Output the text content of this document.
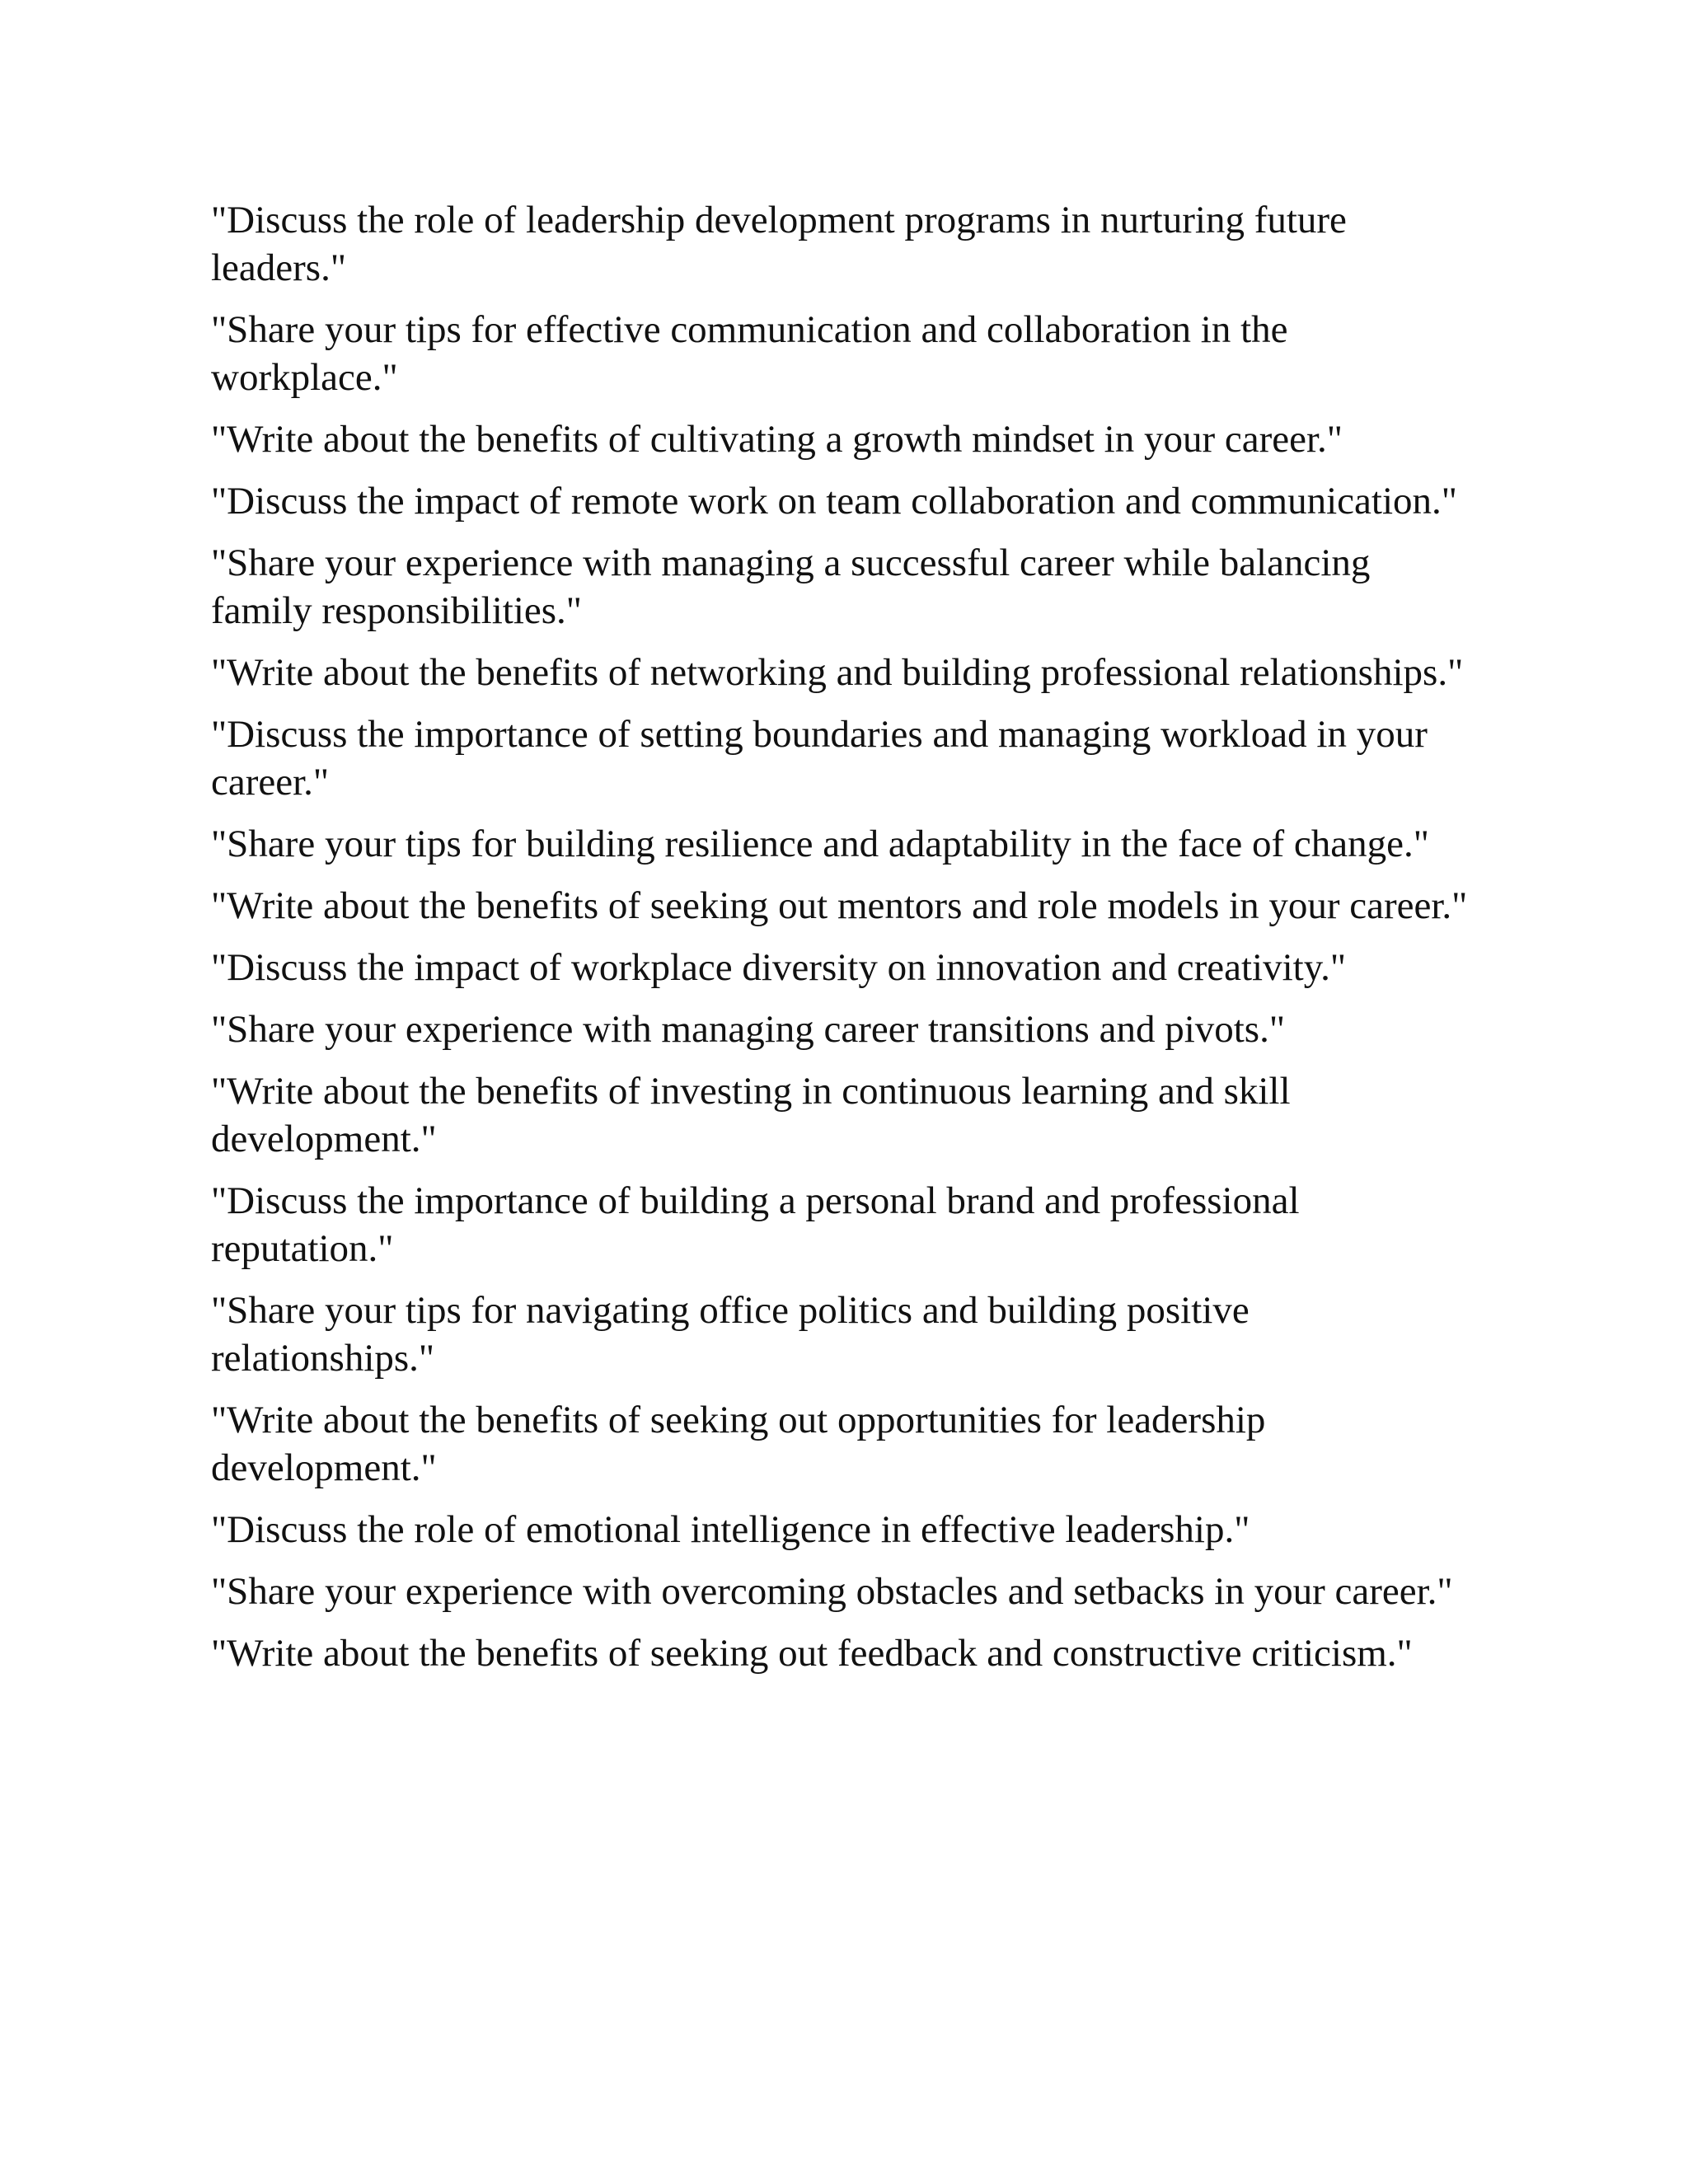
"Discuss the role of leadership development programs in nurturing future leaders."
"Share your tips for effective communication and collaboration in the workplace."
"Write about the benefits of cultivating a growth mindset in your career."
"Discuss the impact of remote work on team collaboration and communication."
"Share your experience with managing a successful career while balancing family responsibilities."
"Write about the benefits of networking and building professional relationships."
"Discuss the importance of setting boundaries and managing workload in your career."
"Share your tips for building resilience and adaptability in the face of change."
"Write about the benefits of seeking out mentors and role models in your career."
"Discuss the impact of workplace diversity on innovation and creativity."
"Share your experience with managing career transitions and pivots."
"Write about the benefits of investing in continuous learning and skill development."
"Discuss the importance of building a personal brand and professional reputation."
"Share your tips for navigating office politics and building positive relationships."
"Write about the benefits of seeking out opportunities for leadership development."
"Discuss the role of emotional intelligence in effective leadership."
"Share your experience with overcoming obstacles and setbacks in your career."
"Write about the benefits of seeking out feedback and constructive criticism."
